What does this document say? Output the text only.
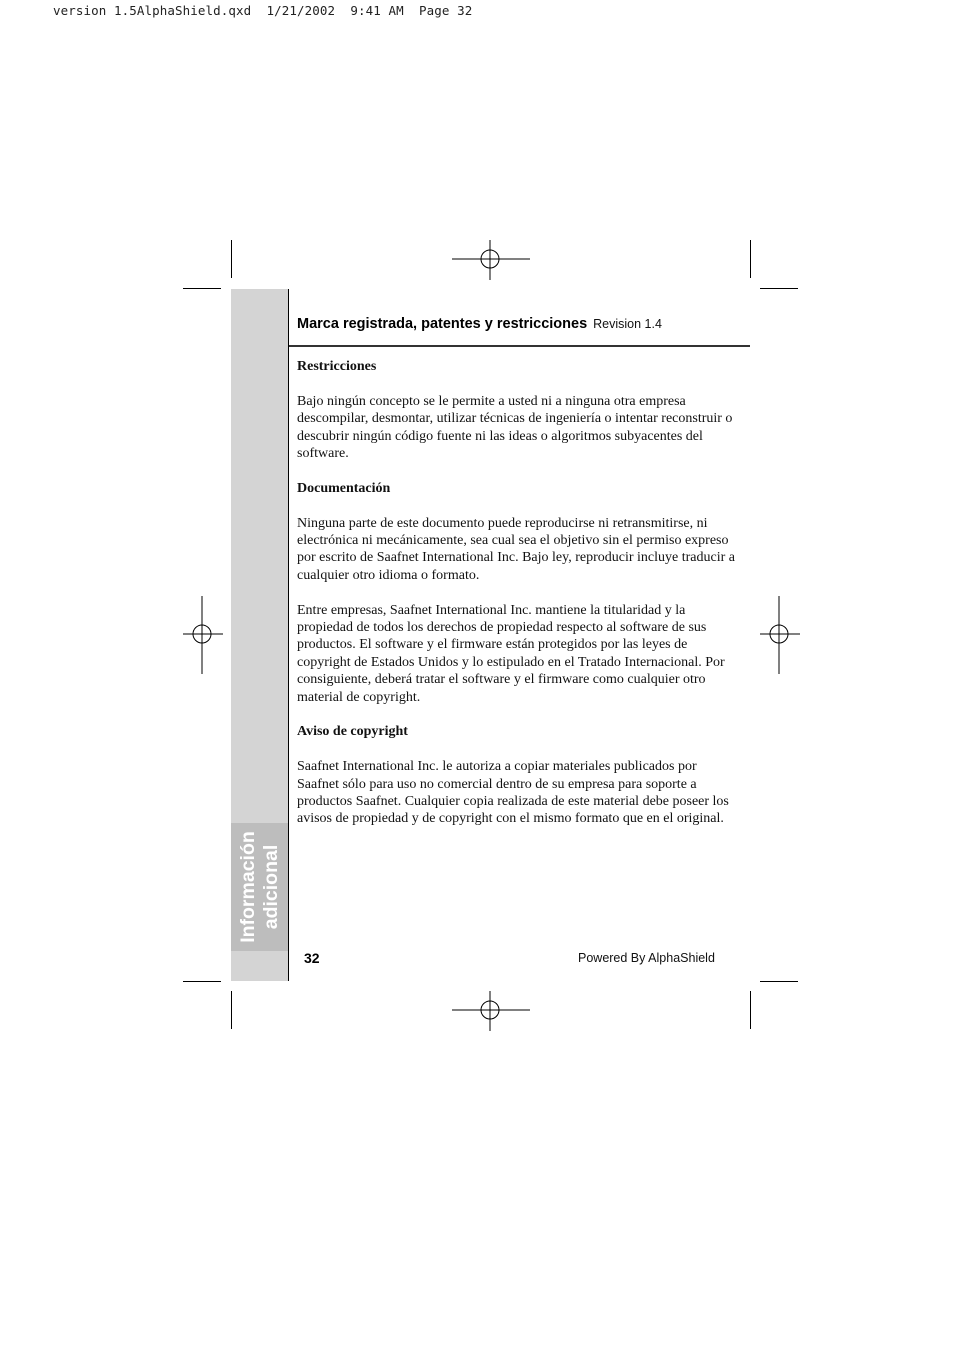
version 1.5AlphaShield.qxd  1/21/2002  9:41 AM  Page 32
Información adicional
Marca registrada, patentes y restricciones Revision 1.4
Restricciones

Bajo ningún concepto se le permite a usted ni a ninguna otra empresa descompilar, desmontar, utilizar técnicas de ingeniería o intentar reconstruir o descubrir ningún código fuente ni las ideas o algoritmos subyacentes del software.

Documentación

Ninguna parte de este documento puede reproducirse ni retransmitirse, ni electrónica ni mecánicamente, sea cual sea el objetivo sin el permiso expreso por escrito de Saafnet International Inc. Bajo ley, reproducir incluye traducir a cualquier otro idioma o formato.

Entre empresas, Saafnet International Inc. mantiene la titularidad y la propiedad de todos los derechos de propiedad respecto al software de sus productos. El software y el firmware están protegidos por las leyes de copyright de Estados Unidos y lo estipulado en el Tratado Internacional. Por consiguiente, deberá tratar el software y el firmware como cualquier otro material de copyright.

Aviso de copyright

Saafnet International Inc. le autoriza a copiar materiales publicados por Saafnet sólo para uso no comercial dentro de su empresa para soporte a productos Saafnet. Cualquier copia realizada de este material debe poseer los avisos de propiedad y de copyright con el mismo formato que en el original.

32	Powered By AlphaShield
